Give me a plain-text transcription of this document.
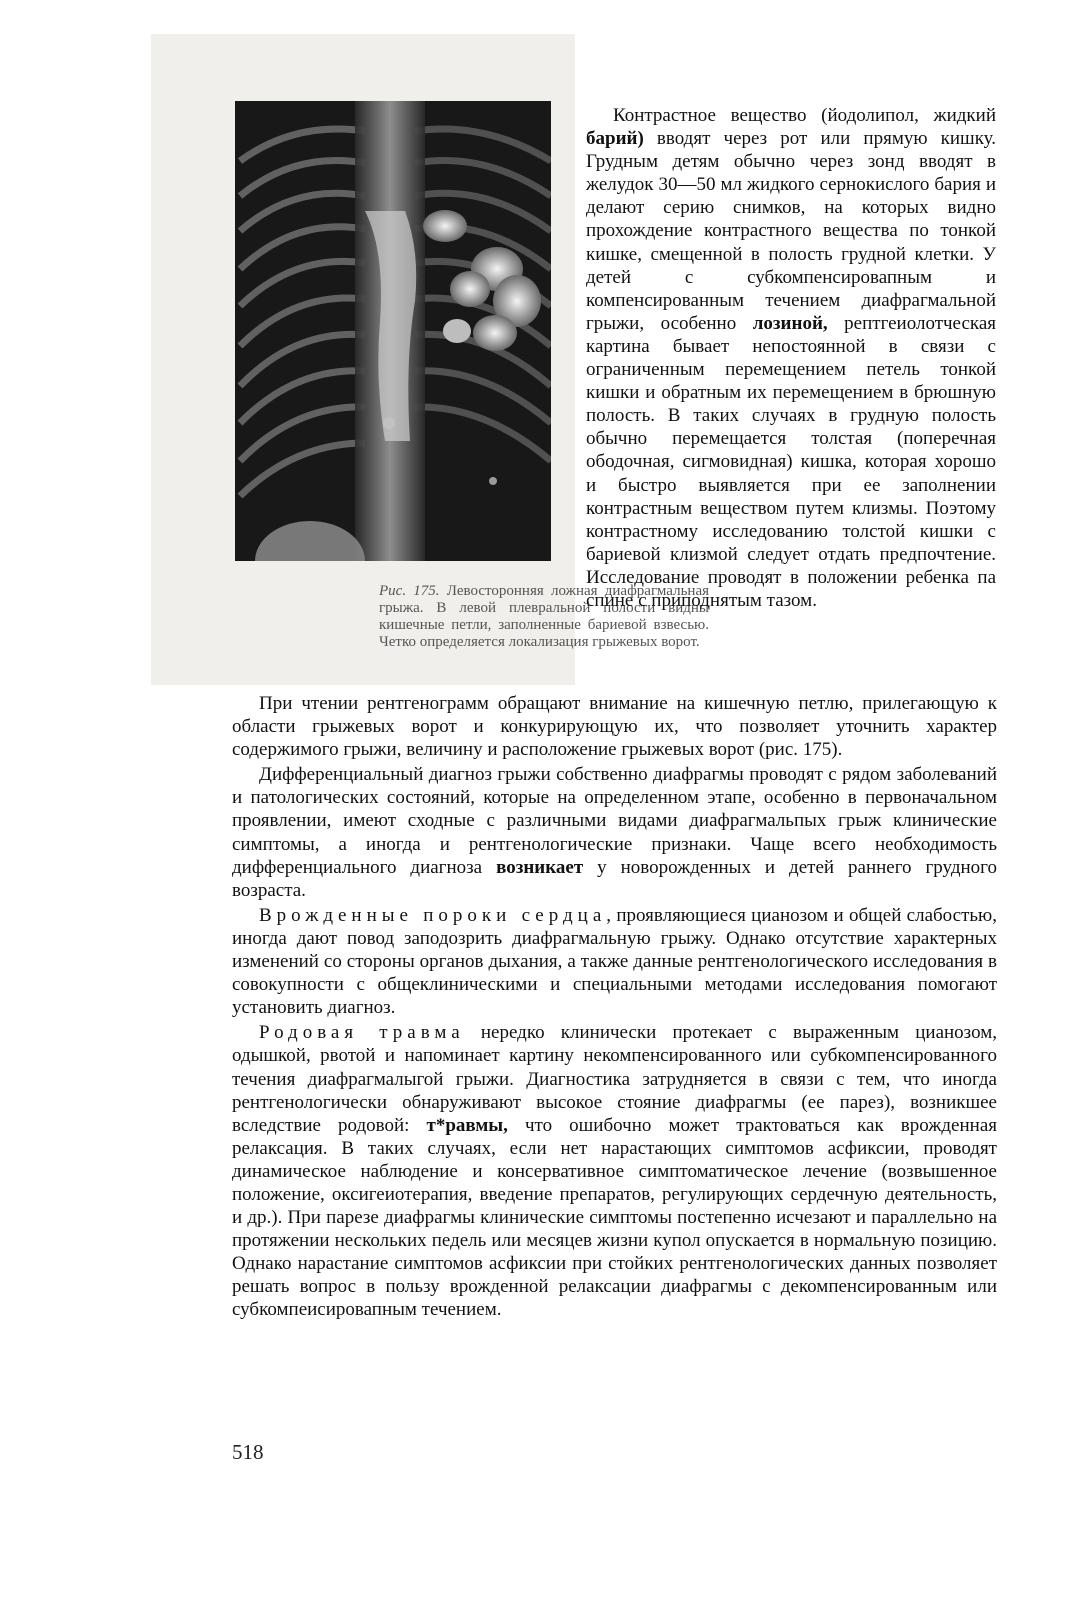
Рис. 175. Левосторонняя ложная диафрагмальная грыжа. В левой плевральной полости видны кишечные петли, заполненные бариевой взвесью. Четко определяется локализация грыжевых ворот.

Контрастное вещество (йодолипол, жидкий барий) вводят через рот или прямую кишку. Грудным детям обычно через зонд вводят в желудок 30—50 мл жидкого сернокислого бария и делают серию снимков, на которых видно прохождение контрастного вещества по тонкой кишке, смещенной в полость грудной клетки. У детей с субкомпенсировапным и компенсированным течением диафрагмальной грыжи, особенно лозиной, рептгеиолотческая картина бывает непостоянной в связи с ограниченным перемещением петель тонкой кишки и обратным их перемещением в брюшную полость. В таких случаях в грудную полость обычно перемещается толстая (поперечная ободочная, сигмовидная) кишка, которая хорошо и быстро выявляется при ее заполнении контрастным веществом путем клизмы. Поэтому контрастному исследованию толстой кишки с бариевой клизмой следует отдать предпочтение. Исследование проводят в положении ребенка па спине с приподнятым тазом.

При чтении рентгенограмм обращают внимание на кишечную петлю, прилегающую к области грыжевых ворот и конкурирующую их, что позволяет уточнить характер содержимого грыжи, величину и расположение грыжевых ворот (рис. 175).

Дифференциальный диагноз грыжи собственно диафрагмы проводят с рядом заболеваний и патологических состояний, которые на определенном этапе, особенно в первоначальном проявлении, имеют сходные с различными видами диафрагмальпых грыж клинические симптомы, а иногда и рентгенологические признаки. Чаще всего необходимость дифференциального диагноза возникает у новорожденных и детей раннего грудного возраста.

Врожденные пороки сердца, проявляющиеся цианозом и общей слабостью, иногда дают повод заподозрить диафрагмальную грыжу. Однако отсутствие характерных изменений со стороны органов дыхания, а также данные рентгенологического исследования в совокупности с общеклиническими и специальными методами исследования помогают установить диагноз.

Родовая травма нередко клинически протекает с выраженным цианозом, одышкой, рвотой и напоминает картину некомпенсированного или субкомпенсированного течения диафрагмалыгой грыжи. Диагностика затрудняется в связи с тем, что иногда рентгенологически обнаруживают высокое стояние диафрагмы (ее парез), возникшее вследствие родовой: т*равмы, что ошибочно может трактоваться как врожденная релаксация. В таких случаях, если нет нарастающих симптомов асфиксии, проводят динамическое наблюдение и консервативное симптоматическое лечение (возвышенное положение, оксигеиотерапия, введение препаратов, регулирующих сердечную деятельность, и др.). При парезе диафрагмы клинические симптомы постепенно исчезают и параллельно на протяжении нескольких педель или месяцев жизни купол опускается в нормальную позицию. Однако нарастание симптомов асфиксии при стойких рентгенологических данных позволяет решать вопрос в пользу врожденной релаксации диафрагмы с декомпенсированным или субкомпеисировапным течением.

518
